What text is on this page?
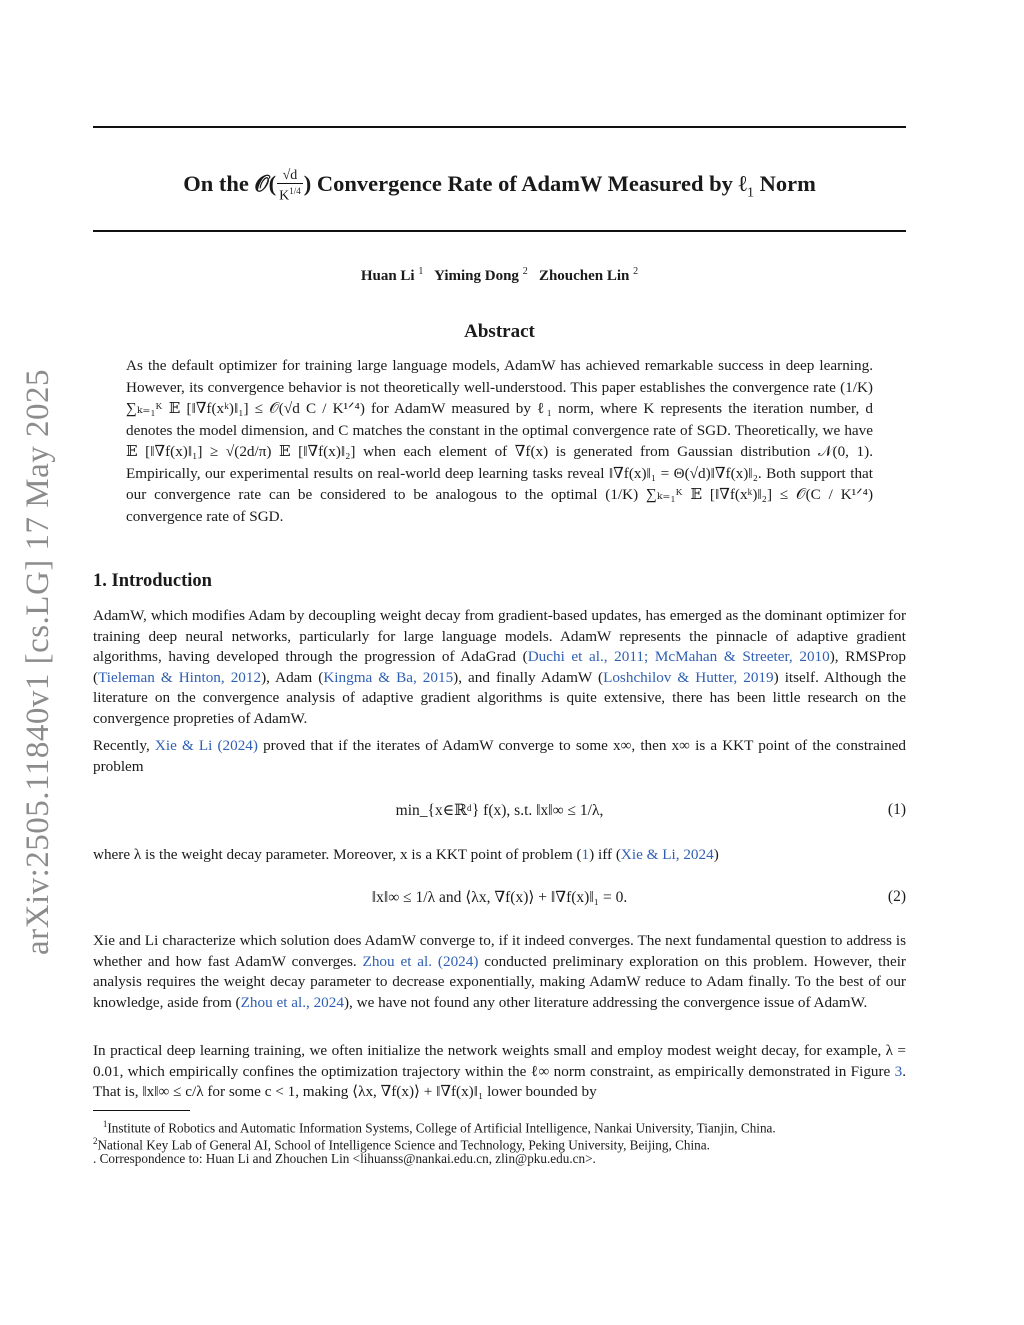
arXiv:2505.11840v1 [cs.LG] 17 May 2025
On the 𝒪( $\frac{√d}{K^{1/4}}$ ) Convergence Rate of AdamW Measured by ℓ$_1$ Norm
Huan Li $^1$ Yiming Dong $^2$ Zhouchen Lin $^2$
Abstract
As the default optimizer for training large language models, AdamW has achieved remarkable success in deep learning. However, its convergence behavior is not theoretically well-understood. This paper establishes the convergence rate (1/K) ∑ₖ₌₁ᴷ 𝔼 [‖∇f(xᵏ)‖₁] ≤ 𝒪(√d C / K¹ᐟ⁴) for AdamW measured by ℓ₁ norm, where K represents the iteration number, d denotes the model dimension, and C matches the constant in the optimal convergence rate of SGD. Theoretically, we have 𝔼 [‖∇f(x)‖₁] ≥ √(2d/π) 𝔼 [‖∇f(x)‖₂] when each element of ∇f(x) is generated from Gaussian distribution 𝒩(0, 1). Empirically, our experimental results on real-world deep learning tasks reveal ‖∇f(x)‖₁ = Θ(√d)‖∇f(x)‖₂. Both support that our convergence rate can be considered to be analogous to the optimal (1/K) ∑ₖ₌₁ᴷ 𝔼 [‖∇f(xᵏ)‖₂] ≤ 𝒪(C / K¹ᐟ⁴) convergence rate of SGD.
1. Introduction
AdamW, which modifies Adam by decoupling weight decay from gradient-based updates, has emerged as the dominant optimizer for training deep neural networks, particularly for large language models. AdamW represents the pinnacle of adaptive gradient algorithms, having developed through the progression of AdaGrad (Duchi et al., 2011; McMahan & Streeter, 2010), RMSProp (Tieleman & Hinton, 2012), Adam (Kingma & Ba, 2015), and finally AdamW (Loshchilov & Hutter, 2019) itself. Although the literature on the convergence analysis of adaptive gradient algorithms is quite extensive, there has been little research on the convergence propreties of AdamW.
Recently, Xie & Li (2024) proved that if the iterates of AdamW converge to some x∞, then x∞ is a KKT point of the constrained problem
min_{x∈ℝᵈ} f(x), s.t. ‖x‖∞ ≤ 1/λ,	(1)
where λ is the weight decay parameter. Moreover, x is a KKT point of problem (1) iff (Xie & Li, 2024)
‖x‖∞ ≤ 1/λ and ⟨λx, ∇f(x)⟩ + ‖∇f(x)‖₁ = 0.	(2)
Xie and Li characterize which solution does AdamW converge to, if it indeed converges. The next fundamental question to address is whether and how fast AdamW converges. Zhou et al. (2024) conducted preliminary exploration on this problem. However, their analysis requires the weight decay parameter to decrease exponentially, making AdamW reduce to Adam finally. To the best of our knowledge, aside from (Zhou et al., 2024), we have not found any other literature addressing the convergence issue of AdamW.
In practical deep learning training, we often initialize the network weights small and employ modest weight decay, for example, λ = 0.01, which empirically confines the optimization trajectory within the ℓ∞ norm constraint, as empirically demonstrated in Figure 3. That is, ‖x‖∞ ≤ c/λ for some c < 1, making ⟨λx, ∇f(x)⟩ + ‖∇f(x)‖₁ lower bounded by
$^1$Institute of Robotics and Automatic Information Systems, College of Artificial Intelligence, Nankai University, Tianjin, China.
$^2$National Key Lab of General AI, School of Intelligence Science and Technology, Peking University, Beijing, China.
. Correspondence to: Huan Li and Zhouchen Lin <lihuanss@nankai.edu.cn, zlin@pku.edu.cn>.
